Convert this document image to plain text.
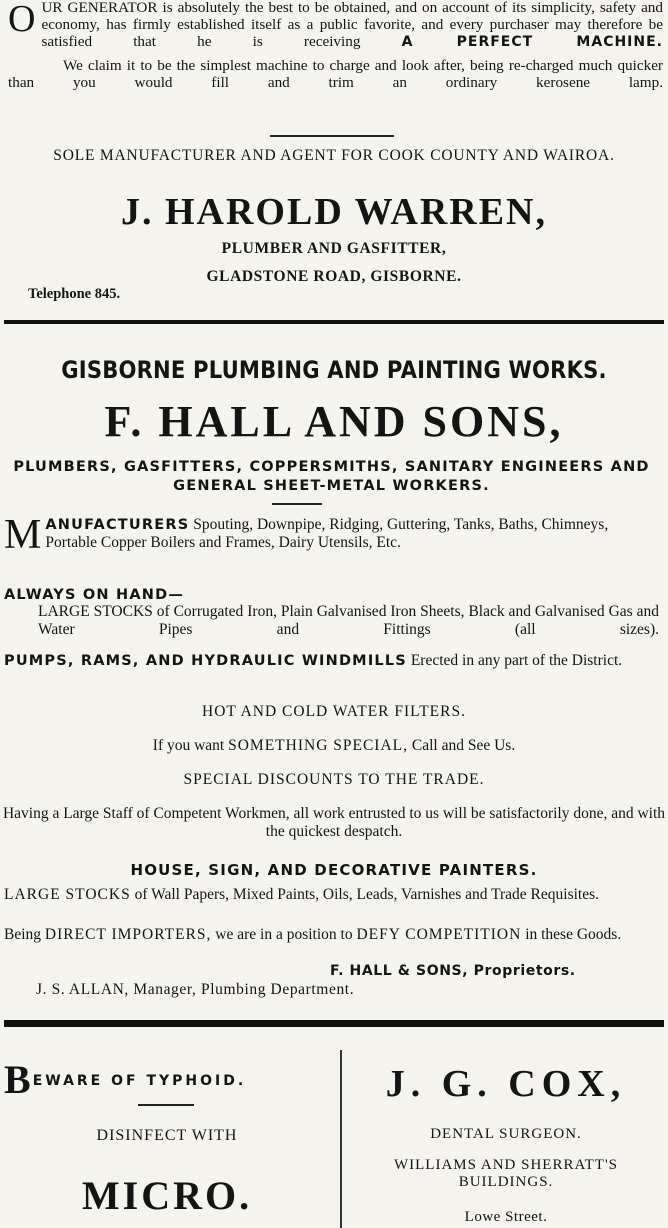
OUR GENERATOR is absolutely the best to be obtained, and on account of its simplicity, safety and economy, has firmly established itself as a public favorite, and every purchaser may therefore be satisfied that he is receiving	A PERFECT MACHINE.

We claim it to be the simplest machine to charge and look after, being re-charged much quicker than you would fill and trim an ordinary kerosene lamp.

SOLE MANUFACTURER AND AGENT FOR COOK COUNTY AND WAIROA.

J. HAROLD WARREN,
PLUMBER AND GASFITTER,
GLADSTONE ROAD, GISBORNE.
Telephone 845.
GISBORNE PLUMBING AND PAINTING WORKS.
F. HALL AND SONS,

PLUMBERS, GASFITTERS, COPPERSMITHS, SANITARY ENGINEERS AND GENERAL SHEET-METAL WORKERS.

MANUFACTURERS Spouting, Downpipe, Ridging, Guttering, Tanks, Baths, Chimneys, Portable Copper Boilers and Frames, Dairy Utensils, Etc.

ALWAYS ON HAND—

LARGE STOCKS of Corrugated Iron, Plain Galvanised Iron Sheets, Black and Galvanised Gas and Water Pipes and Fittings (all sizes).

PUMPS, RAMS, AND HYDRAULIC WINDMILLS Erected in any part of the District.

HOT AND COLD WATER FILTERS.
If you want SOMETHING SPECIAL, Call and See Us.
SPECIAL DISCOUNTS TO THE TRADE.

Having a Large Staff of Competent Workmen, all work entrusted to us will be satisfactorily done, and with the quickest despatch.

HOUSE, SIGN, AND DECORATIVE PAINTERS.

LARGE STOCKS of Wall Papers, Mixed Paints, Oils, Leads, Varnishes and Trade Requisites.

Being DIRECT IMPORTERS, we are in a position to DEFY COMPETITION in these Goods.

F. HALL & SONS, Proprietors.
J. S. ALLAN, Manager, Plumbing Department.
BEWARE OF TYPHOID.
DISINFECT WITH
MICRO.
J. G. COX,
DENTAL SURGEON.
WILLIAMS AND SHERRATT'S BUILDINGS.
Lowe Street.
